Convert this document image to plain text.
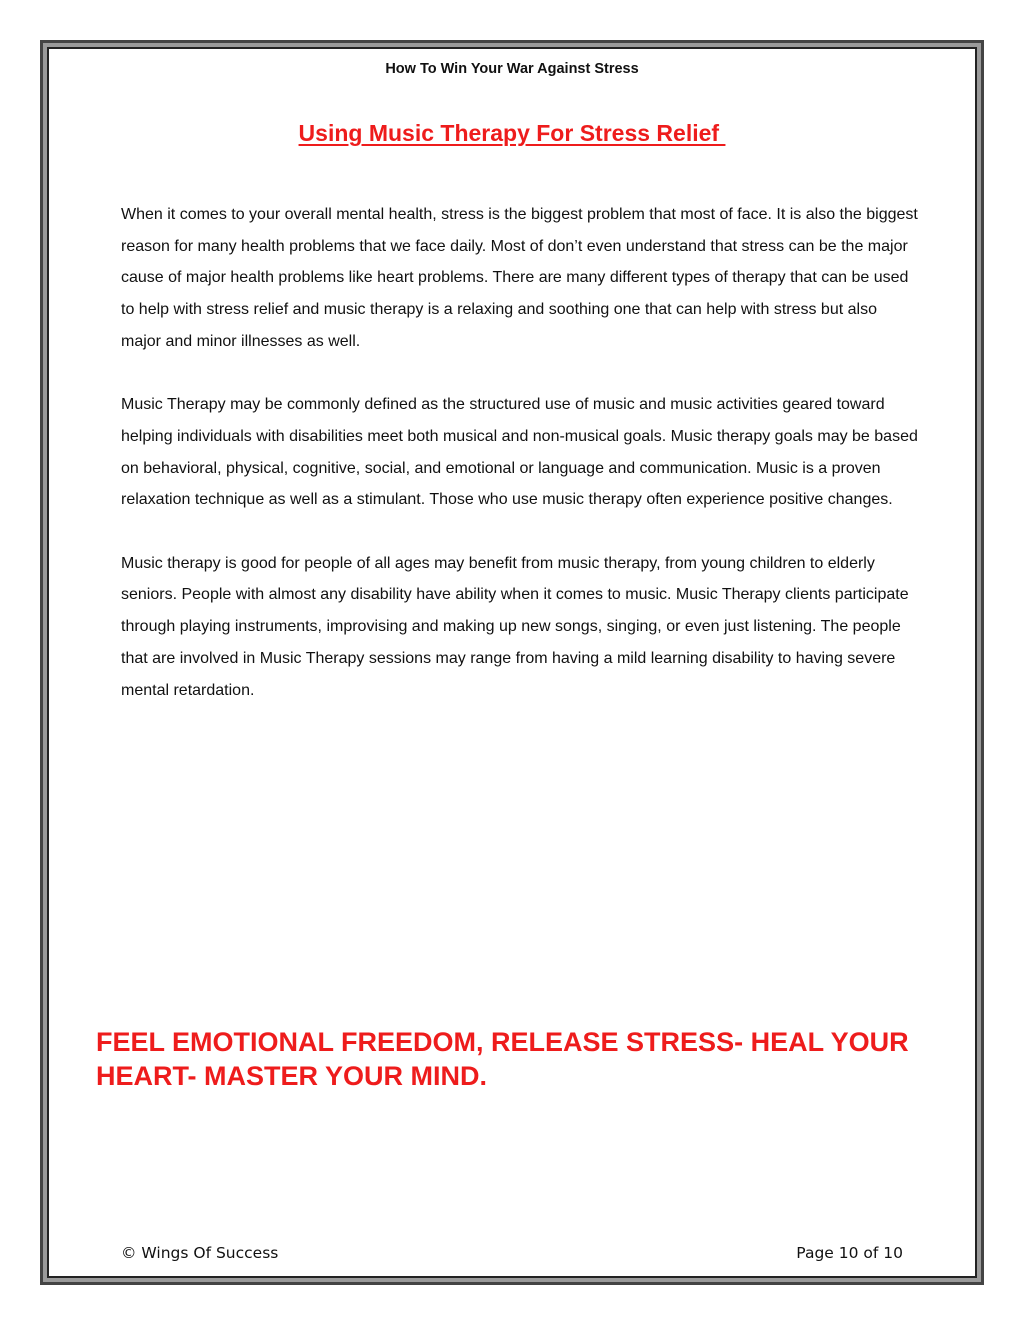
How To Win Your War Against Stress
Using Music Therapy For Stress Relief

When it comes to your overall mental health, stress is the biggest problem that most of face. It is also the biggest reason for many health problems that we face daily. Most of don’t even understand that stress can be the major cause of major health problems like heart problems. There are many different types of therapy that can be used to help with stress relief and music therapy is a relaxing and soothing one that can help with stress but also major and minor illnesses as well.

Music Therapy may be commonly defined as the structured use of music and music activities geared toward helping individuals with disabilities meet both musical and non-musical goals. Music therapy goals may be based on behavioral, physical, cognitive, social, and emotional or language and communication. Music is a proven relaxation technique as well as a stimulant. Those who use music therapy often experience positive changes.

Music therapy is good for people of all ages may benefit from music therapy, from young children to elderly seniors. People with almost any disability have ability when it comes to music. Music Therapy clients participate through playing instruments, improvising and making up new songs, singing, or even just listening. The people that are involved in Music Therapy sessions may range from having a mild learning disability to having severe mental retardation.

FEEL EMOTIONAL FREEDOM, RELEASE STRESS- HEAL YOUR HEART- MASTER YOUR MIND.
© Wings Of Success	Page 10 of 10
